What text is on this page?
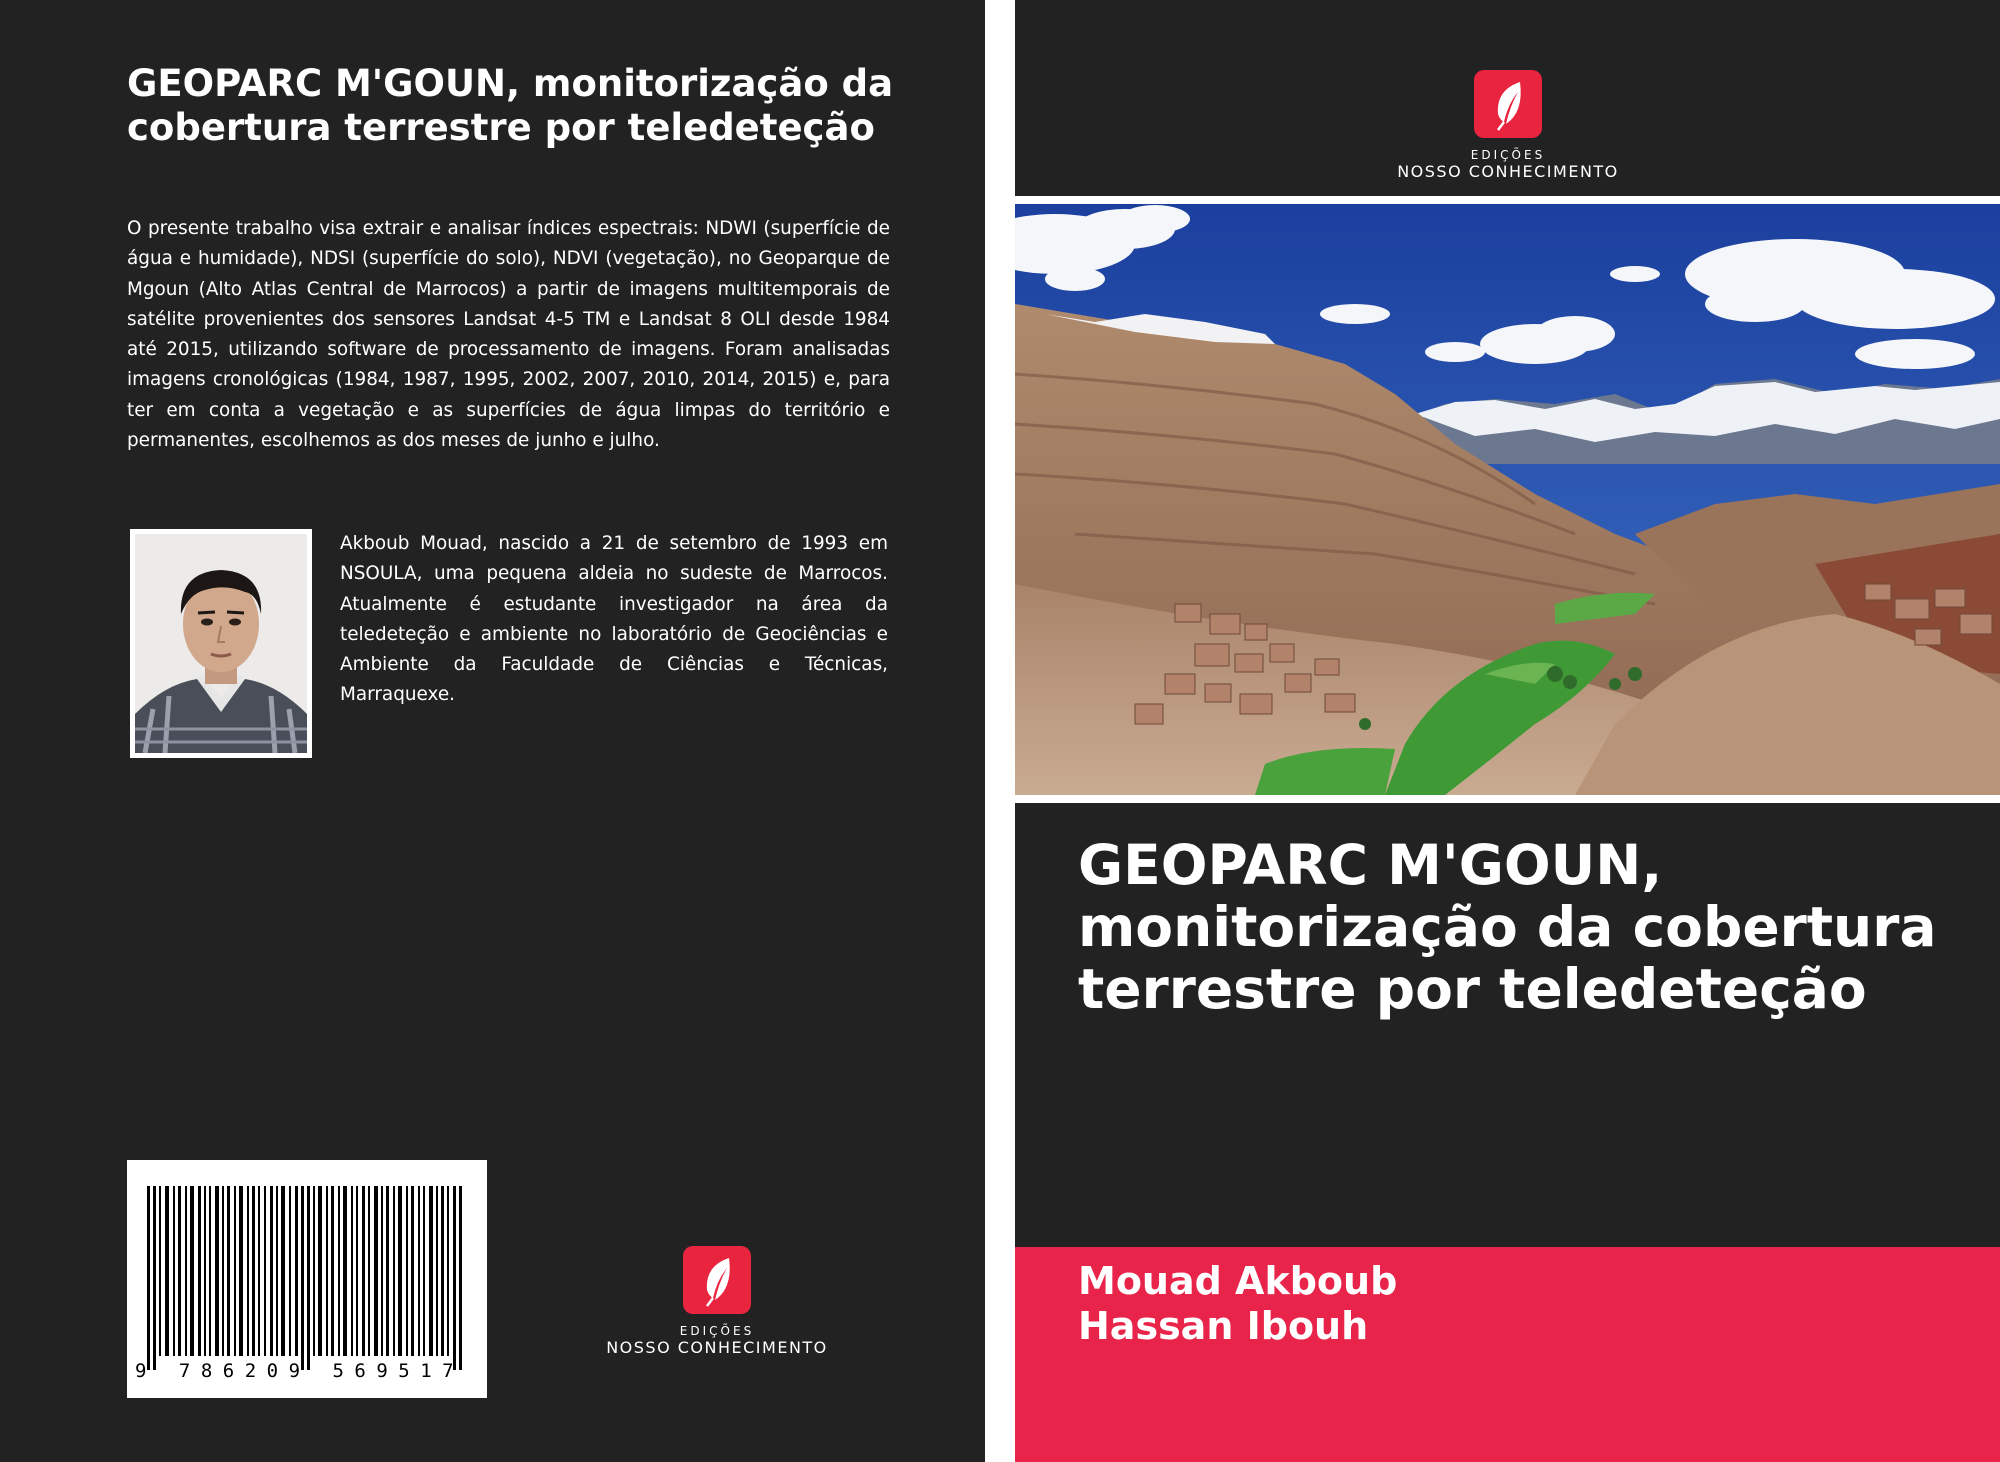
GEOPARC M'GOUN, monitorização da cobertura terrestre por teledeteção

O presente trabalho visa extrair e analisar índices espectrais: NDWI (superfície de água e humidade), NDSI (superfície do solo), NDVI (vegetação), no Geoparque de Mgoun (Alto Atlas Central de Marrocos) a partir de imagens multitemporais de satélite provenientes dos sensores Landsat 4-5 TM e Landsat 8 OLI desde 1984 até 2015, utilizando software de processamento de imagens. Foram analisadas imagens cronológicas (1984, 1987, 1995, 2002, 2007, 2010, 2014, 2015) e, para ter em conta a vegetação e as superfícies de água limpas do território e permanentes, escolhemos as dos meses de junho e julho.

Akboub Mouad, nascido a 21 de setembro de 1993 em NSOULA, uma pequena aldeia no sudeste de Marrocos. Atualmente é estudante investigador na área da teledeteção e ambiente no laboratório de Geociências e Ambiente da Faculdade de Ciências e Técnicas, Marraquexe.

9 786209 569517
EDIÇÕES
NOSSO CONHECIMENTO
EDIÇÕES
NOSSO CONHECIMENTO
GEOPARC M'GOUN, monitorização da cobertura terrestre por teledeteção
Mouad Akboub
Hassan Ibouh
